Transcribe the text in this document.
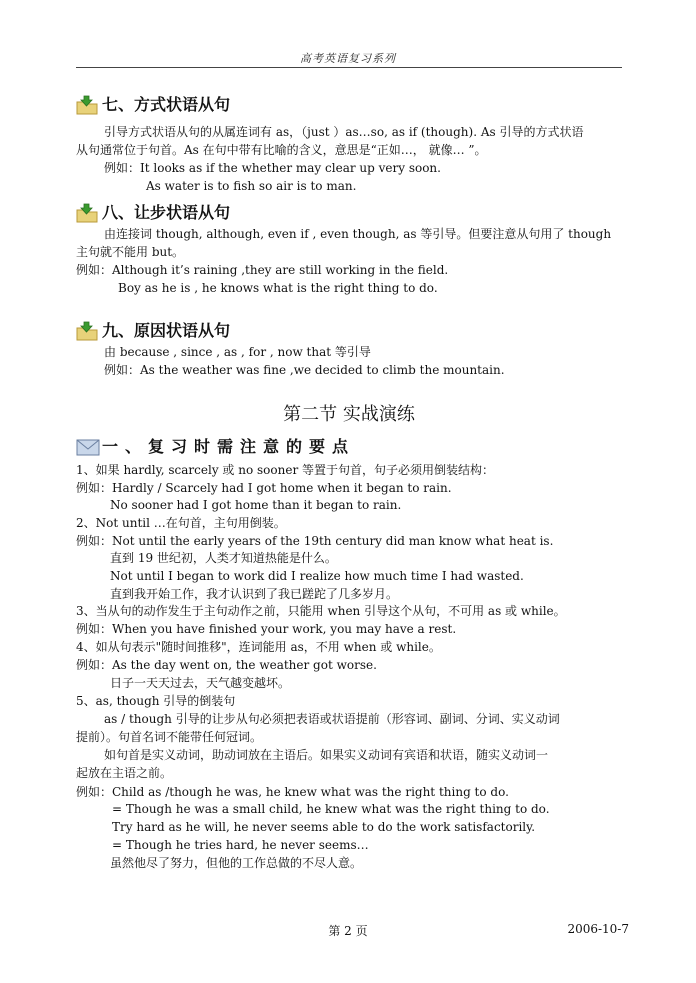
高考英语复习系列
七、方式状语从句
引导方式状语从句的从属连词有 as，（just ）as…so, as if (though). As 引导的方式状语
从句通常位于句首。As 在句中带有比喻的含义，意思是“正如…， 就像… ”。
例如：It looks as if the whether may clear up very soon.
As water is to fish so air is to man.
八、让步状语从句
由连接词 though, although, even if , even though, as 等引导。但要注意从句用了 though
主句就不能用 but。
例如：Although it’s raining ,they are still working in the field.
Boy as he is , he knows what is the right thing to do.
九、原因状语从句
由 because , since , as , for , now that 等引导
例如：As the weather was fine ,we decided to climb the mountain.
第二节 实战演练
一、复习时需注意的要点
1、如果 hardly, scarcely 或 no sooner 等置于句首，句子必须用倒装结构：
例如：Hardly / Scarcely had I got home when it began to rain.
No sooner had I got home than it began to rain.
2、Not until …在句首，主句用倒装。
例如：Not until the early years of the 19th century did man know what heat is.
直到 19 世纪初，人类才知道热能是什么。
Not until I began to work did I realize how much time I had wasted.
直到我开始工作，我才认识到了我已蹉跎了几多岁月。
3、当从句的动作发生于主句动作之前，只能用 when 引导这个从句，不可用 as 或 while。
例如：When you have finished your work, you may have a rest.
4、如从句表示"随时间推移"，连词能用 as，不用 when 或 while。
例如：As the day went on, the weather got worse.
日子一天天过去，天气越变越坏。
5、as, though 引导的倒装句
as / though 引导的让步从句必须把表语或状语提前（形容词、副词、分词、实义动词
提前）。句首名词不能带任何冠词。
如句首是实义动词，助动词放在主语后。如果实义动词有宾语和状语，随实义动词一
起放在主语之前。
例如：Child as /though he was, he knew what was the right thing to do.
= Though he was a small child, he knew what was the right thing to do.
Try hard as he will, he never seems able to do the work satisfactorily.
= Though he tries hard, he never seems…
虽然他尽了努力，但他的工作总做的不尽人意。
第 2 页	2006-10-7
